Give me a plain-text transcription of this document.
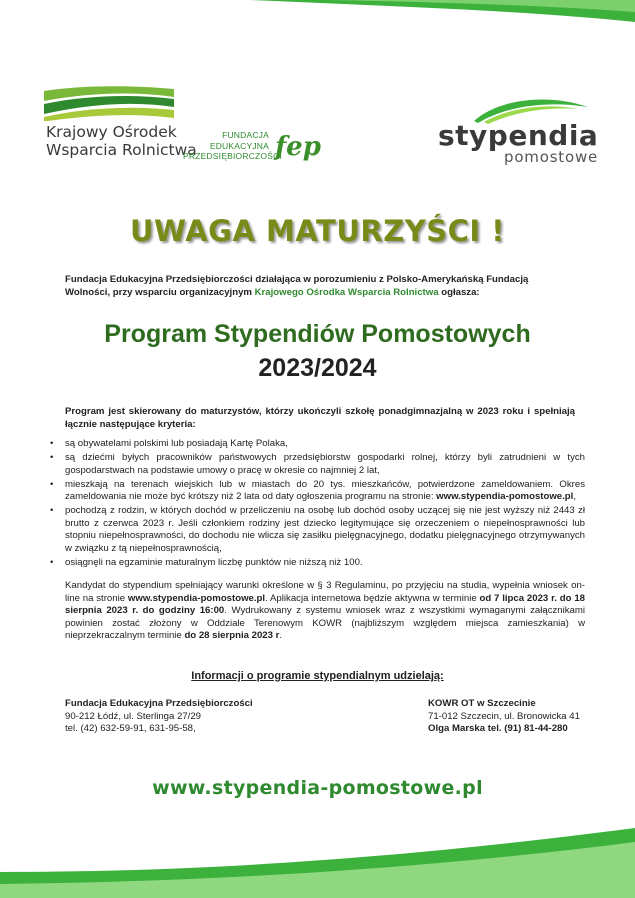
Krajowy Ośrodek
Wsparcia Rolnictwa
FUNDACJA
EDUKACYJNA
PRZEDSIĘBIORCZOŚCI
fep	stypendia
pomostowe
UWAGA MATURZYŚCI !
Fundacja Edukacyjna Przedsiębiorczości działająca w porozumieniu z Polsko-Amerykańską Fundacją Wolności, przy wsparciu organizacyjnym Krajowego Ośrodka Wsparcia Rolnictwa ogłasza:
Program Stypendiów Pomostowych
2023/2024
Program jest skierowany do maturzystów, którzy ukończyli szkołę ponadgimnazjalną w 2023 roku i spełniają łącznie następujące kryteria:
• są obywatelami polskimi lub posiadają Kartę Polaka,
• są dziećmi byłych pracowników państwowych przedsiębiorstw gospodarki rolnej, którzy byli zatrudnieni w tych gospodarstwach na podstawie umowy o pracę w okresie co najmniej 2 lat,
• mieszkają na terenach wiejskich lub w miastach do 20 tys. mieszkańców, potwierdzone zameldowaniem. Okres zameldowania nie może być krótszy niż 2 lata od daty ogłoszenia programu na stronie: www.stypendia-pomostowe.pl,
• pochodzą z rodzin, w których dochód w przeliczeniu na osobę lub dochód osoby uczącej się nie jest wyższy niż 2443 zł brutto z czerwca 2023 r. Jeśli członkiem rodziny jest dziecko legitymujące się orzeczeniem o niepełnosprawności lub stopniu niepełnosprawności, do dochodu nie wlicza się zasiłku pielęgnacyjnego, dodatku pielęgnacyjnego otrzymywanych w związku z tą niepełnosprawnością,
• osiągnęli na egzaminie maturalnym liczbę punktów nie niższą niż 100.
Kandydat do stypendium spełniający warunki określone w § 3 Regulaminu, po przyjęciu na studia, wypełnia wniosek on-line na stronie www.stypendia-pomostowe.pl. Aplikacja internetowa będzie aktywna w terminie od 7 lipca 2023 r. do 18 sierpnia 2023 r. do godziny 16:00. Wydrukowany z systemu wniosek wraz z wszystkimi wymaganymi załącznikami powinien zostać złożony w Oddziale Terenowym KOWR (najbliższym względem miejsca zamieszkania) w nieprzekraczalnym terminie do 28 sierpnia 2023 r.
Informacji o programie stypendialnym udzielają:
Fundacja Edukacyjna Przedsiębiorczości
90-212 Łódź, ul. Sterlinga 27/29
tel. (42) 632-59-91, 631-95-58,
KOWR OT w Szczecinie
71-012 Szczecin, ul. Bronowicka 41
Olga Marska tel. (91) 81-44-280
www.stypendia-pomostowe.pl
